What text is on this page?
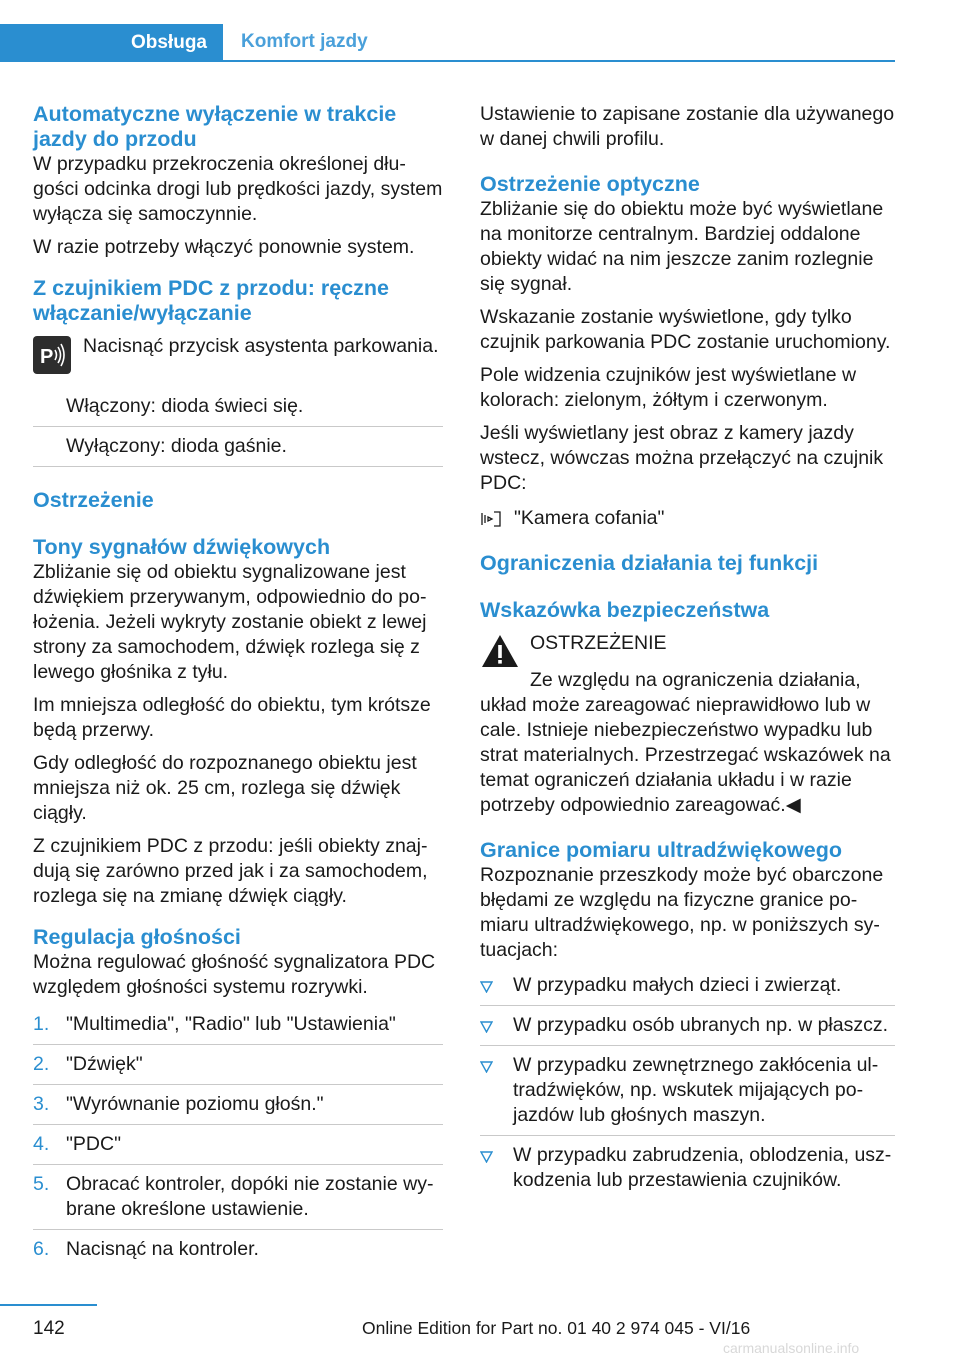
Obsługa Komfort jazdy
Automatyczne wyłączenie w trakcie jazdy do przodu

W przypadku przekroczenia określonej długości odcinka drogi lub prędkości jazdy, system wyłącza się samoczynnie.

W razie potrzeby włączyć ponownie system.

Z czujnikiem PDC z przodu: ręczne włączanie/wyłączanie
P Nacisnąć przycisk asystenta parkowania.

Włączony: dioda świeci się.
Wyłączony: dioda gaśnie.
Ostrzeżenie
Tony sygnałów dźwiękowych

Zbliżanie się od obiektu sygnalizowane jest dźwiękiem przerywanym, odpowiednio do położenia. Jeżeli wykryty zostanie obiekt z lewej strony za samochodem, dźwięk rozlega się z lewego głośnika z tyłu.

Im mniejsza odległość do obiektu, tym krótsze będą przerwy.

Gdy odległość do rozpoznanego obiektu jest mniejsza niż ok. 25 cm, rozlega się dźwięk ciągły.

Z czujnikiem PDC z przodu: jeśli obiekty znajdują się zarówno przed jak i za samochodem, rozlega się na zmianę dźwięk ciągły.

Regulacja głośności

Można regulować głośność sygnalizatora PDC względem głośności systemu rozrywki.

1. "Multimedia", "Radio" lub "Ustawienia"
2. "Dźwięk"
3. "Wyrównanie poziomu głośn."
4. "PDC"
5. Obracać kontroler, dopóki nie zostanie wybrane określone ustawienie.
6. Nacisnąć na kontroler.

Ustawienie to zapisane zostanie dla używanego w danej chwili profilu.

Ostrzeżenie optyczne

Zbliżanie się do obiektu może być wyświetlane na monitorze centralnym. Bardziej oddalone obiekty widać na nim jeszcze zanim rozlegnie się sygnał.

Wskazanie zostanie wyświetlone, gdy tylko czujnik parkowania PDC zostanie uruchomiony.

Pole widzenia czujników jest wyświetlane w kolorach: zielonym, żółtym i czerwonym.

Jeśli wyświetlany jest obraz z kamery jazdy wstecz, wówczas można przełączyć na czujnik PDC:

"Kamera cofania"

Ograniczenia działania tej funkcji
Wskazówka bezpieczeństwa

OSTRZEŻENIE

Ze względu na ograniczenia działania, układ może zareagować nieprawidłowo lub w cale. Istnieje niebezpieczeństwo wypadku lub strat materialnych. Przestrzegać wskazówek na temat ograniczeń działania układu i w razie potrzeby odpowiednio zareagować.◀

Granice pomiaru ultradźwiękowego

Rozpoznanie przeszkody może być obarczone błędami ze względu na fizyczne granice pomiaru ultradźwiękowego, np. w poniższych sytuacjach:

W przypadku małych dzieci i zwierząt.
W przypadku osób ubranych np. w płaszcz.
W przypadku zewnętrznego zakłócenia ultradźwięków, np. wskutek mijających pojazdów lub głośnych maszyn.
W przypadku zabrudzenia, oblodzenia, uszkodzenia lub przestawienia czujników.
142	Online Edition for Part no. 01 40 2 974 045 - VI/16
carmanualsonline.info
